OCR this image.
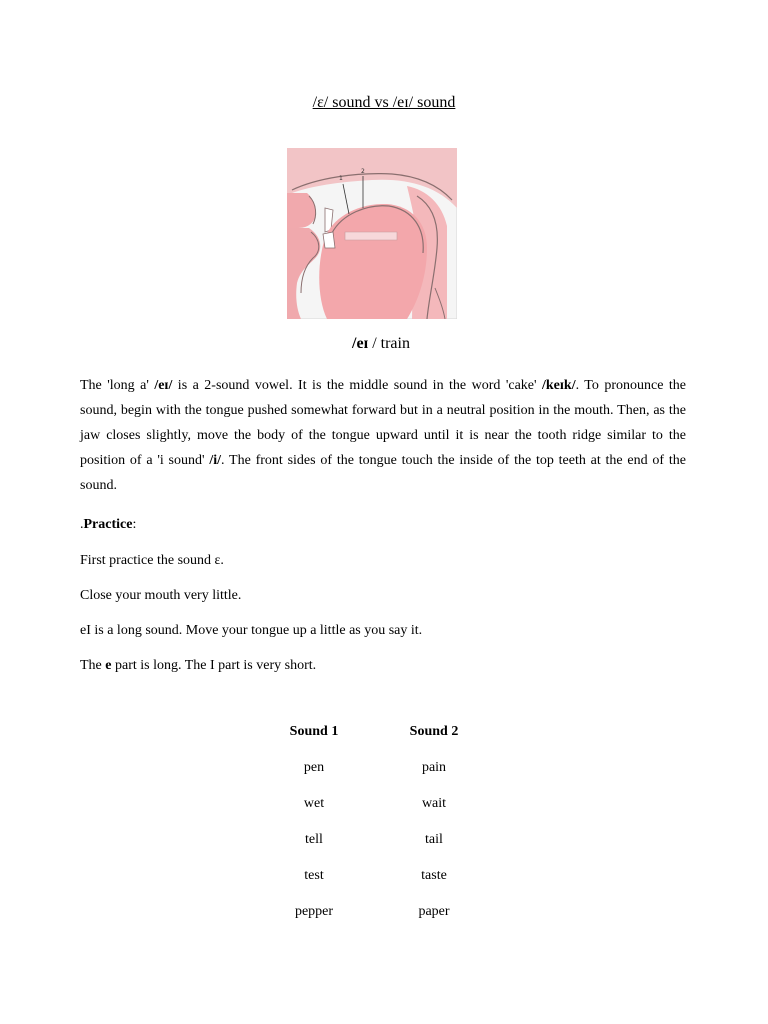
/ɛ/ sound vs /eɪ/ sound
1
2
/eɪ / train
The 'long a' /eɪ/ is a 2-sound vowel. It is the middle sound in the word 'cake' /keɪk/. To pronounce the sound, begin with the tongue pushed somewhat forward but in a neutral position in the mouth. Then, as the jaw closes slightly, move the body of the tongue upward until it is near the tooth ridge similar to the position of a 'i sound' /i/. The front sides of the tongue touch the inside of the top teeth at the end of the sound.
.Practice:
First practice the sound ɛ.
Close your mouth very little.
eI is a long sound. Move your tongue up a little as you say it.
The e part is long. The I part is very short.
Sound 1	Sound 2
pen	pain
wet	wait
tell	tail
test	taste
pepper	paper
